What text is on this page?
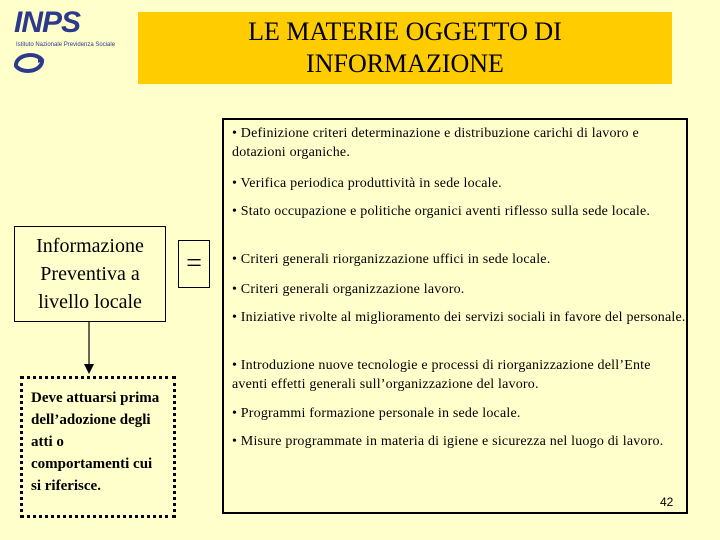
INPS
Istituto Nazionale Previdenza Sociale	LE MATERIE OGGETTO DI
INFORMAZIONE
Informazione Preventiva a livello locale
=
Deve attuarsi prima dell’adozione degli atti o comportamenti cui si riferisce.
• Definizione criteri determinazione e distribuzione carichi di lavoro e dotazioni organiche.
• Verifica periodica produttività in sede locale.
• Stato occupazione e politiche organici aventi riflesso sulla sede locale.
• Criteri generali riorganizzazione uffici in sede locale.
• Criteri generali organizzazione lavoro.
• Iniziative rivolte al miglioramento dei servizi sociali in favore del personale.
• Introduzione nuove tecnologie e processi di riorganizzazione dell’Ente aventi effetti generali sull’organizzazione del lavoro.
• Programmi formazione personale in sede locale.
• Misure programmate in materia di igiene e sicurezza nel luogo di lavoro.
42
